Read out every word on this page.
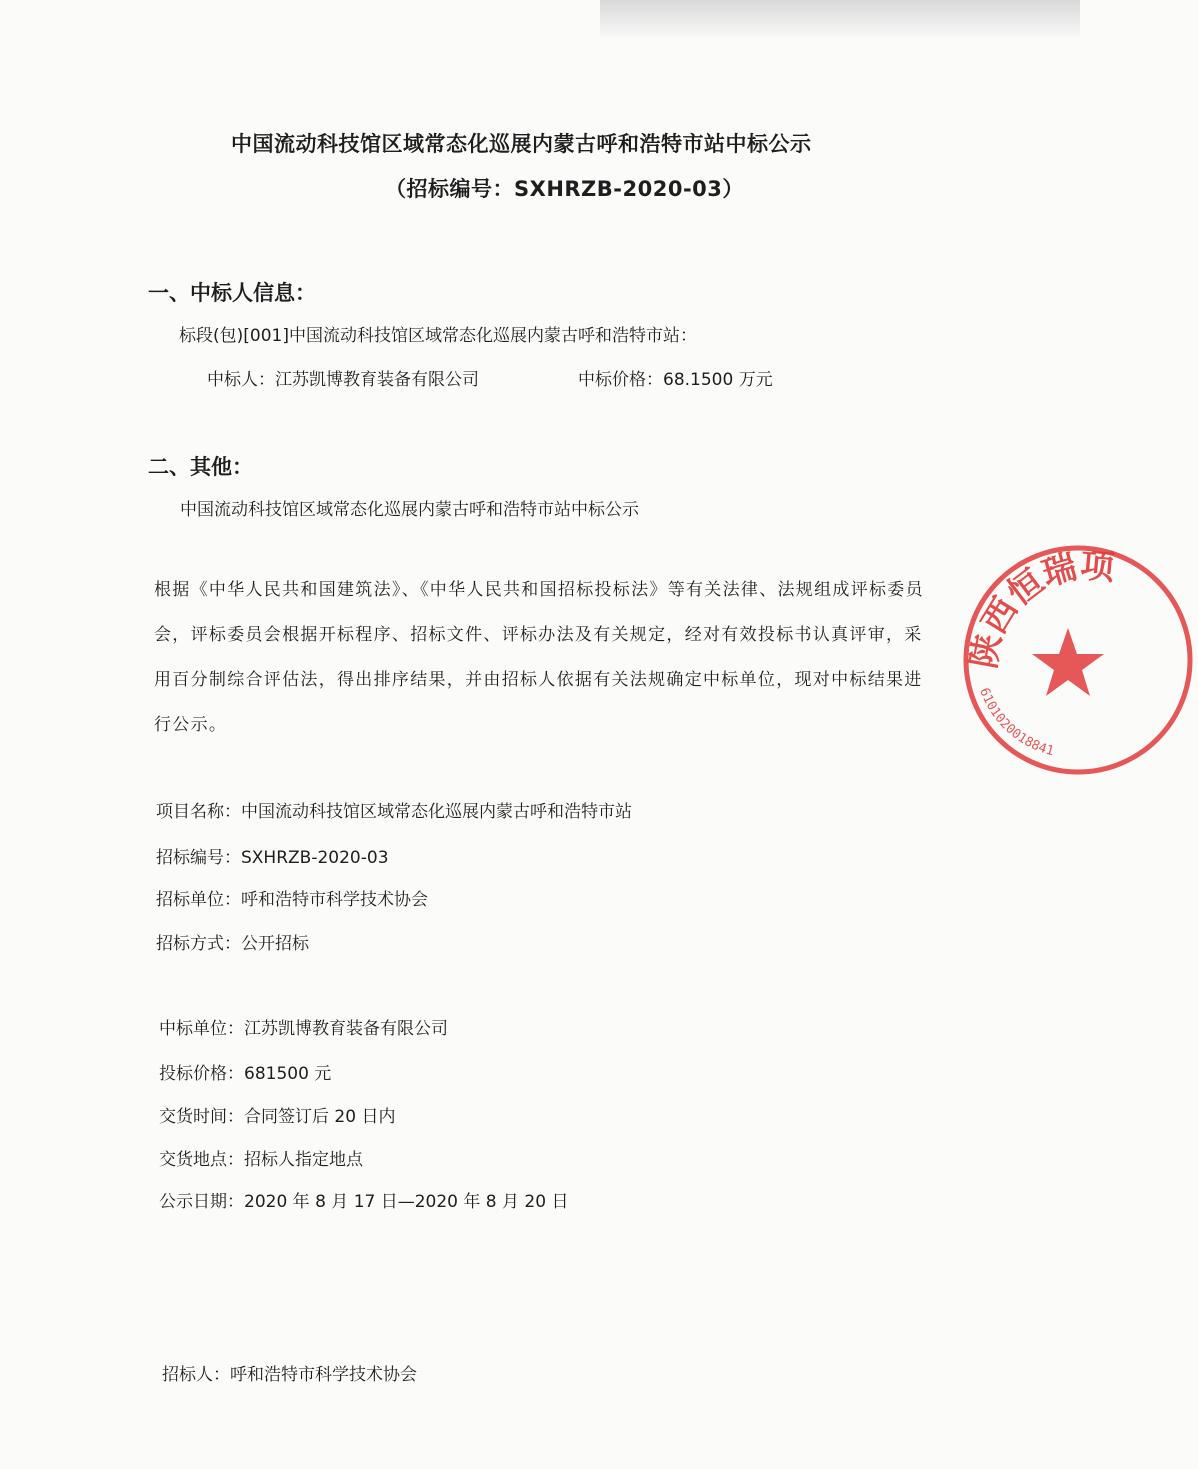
中国流动科技馆区域常态化巡展内蒙古呼和浩特市站中标公示
（招标编号：SXHRZB-2020-03）
一、中标人信息：
标段(包)[001]中国流动科技馆区域常态化巡展内蒙古呼和浩特市站：
中标人：江苏凯博教育装备有限公司	中标价格：68.1500 万元
二、其他：
中国流动科技馆区域常态化巡展内蒙古呼和浩特市站中标公示
根据《中华人民共和国建筑法》、《中华人民共和国招标投标法》等有关法律、法规组成评标委员会，评标委员会根据开标程序、招标文件、评标办法及有关规定，经对有效投标书认真评审，采用百分制综合评估法，得出排序结果，并由招标人依据有关法规确定中标单位，现对中标结果进行公示。
项目名称：中国流动科技馆区域常态化巡展内蒙古呼和浩特市站
招标编号：SXHRZB-2020-03
招标单位：呼和浩特市科学技术协会
招标方式：公开招标
中标单位：江苏凯博教育装备有限公司
投标价格：681500 元
交货时间：合同签订后 20 日内
交货地点：招标人指定地点
公示日期：2020 年 8 月 17 日—2020 年 8 月 20 日
招标人：呼和浩特市科学技术协会
陕西恒瑞项
6101020018841
